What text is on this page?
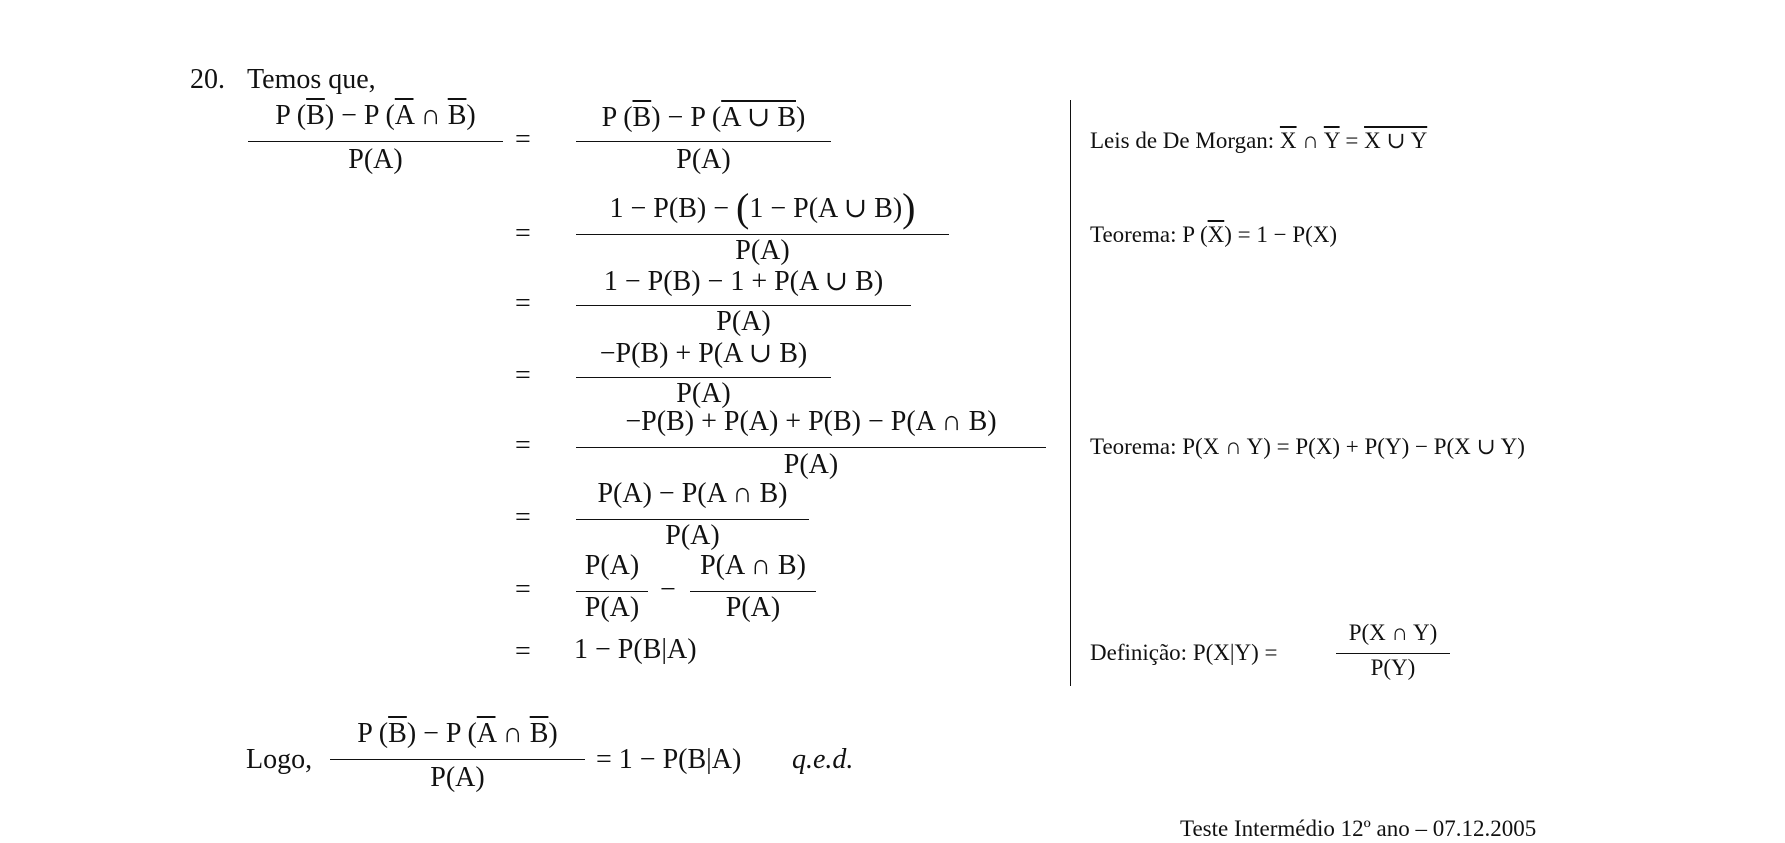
20. Temos que,
P $(\overline{B}) - P$ ($\overline{A}$ ∩ $\overline{B}$)
P(A)
=
=
=
=
=
=
=
=
P $(\overline{B}) - P$ (A ∪ B)
P(A)
1 − P(B) − (1 − P(A ∪ B))
P(A)
1 − P(B) − 1 + P(A ∪ B)
P(A)
−P(B) + P(A ∪ B)
P(A)
−P(B) + P(A) + P(B) − P(A ∩ B)
P(A)
P(A) − P(A ∩ B)
P(A)
P(A)
P(A)
−
P(A ∩ B)
P(A)
1 − P(B|A)
Leis de De Morgan: $\overline{X}$ ∩ $\overline{Y} = X$ ∪ Y
Teorema: P $(\overline{X}) = 1 - P(X)$
Teorema: P(X ∩ Y) = P(X) + P(Y) − P(X ∪ Y)
Definição: P(X|Y) =
P(X ∩ Y)
P(Y)
Logo,
P $(\overline{B}) - P$ ($\overline{A}$ ∩ $\overline{B}$)
P(A)
= 1 − P(B|A) q.e.d.
Teste Intermédio 12º ano – 07.12.2005
